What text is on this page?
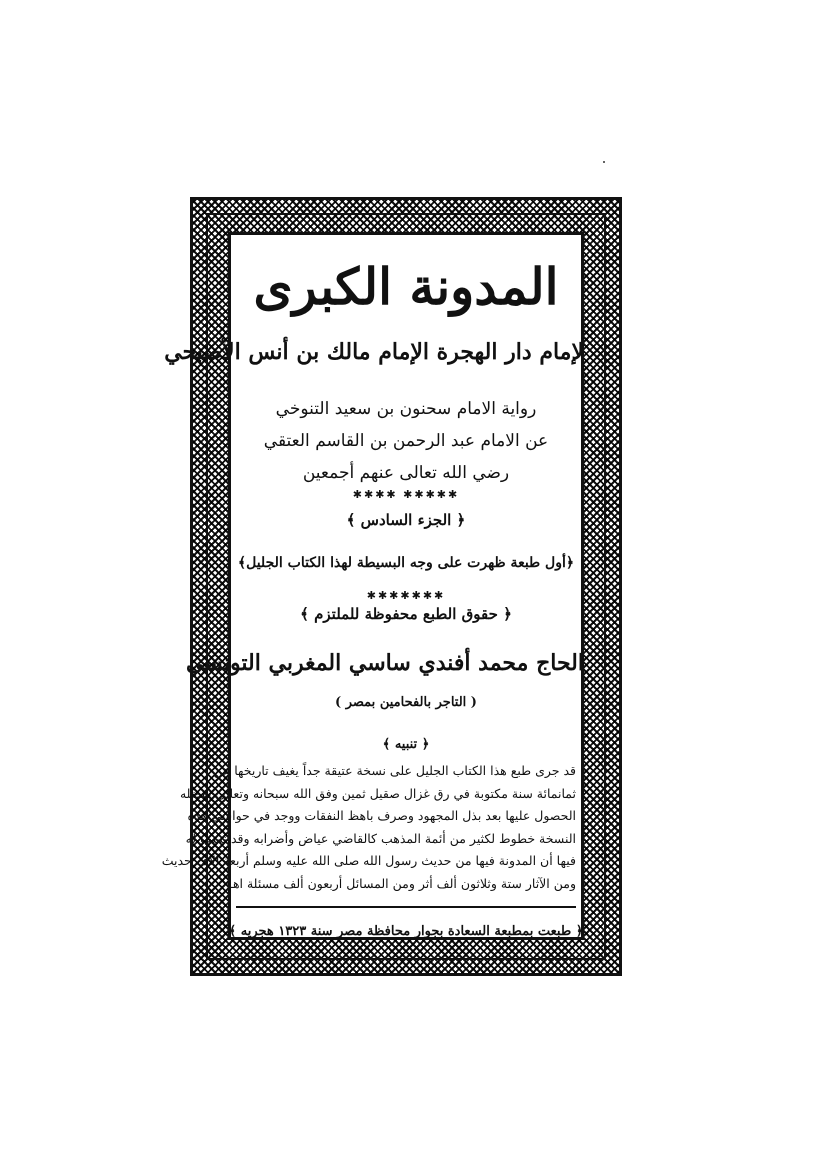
المدونة الكبرى
لإمام دار الهجرة الإمام مالك بن أنس الأصبحي
رواية الامام سحنون بن سعيد التنوخي
عن الامام عبد الرحمن بن القاسم العتقي
رضي الله تعالى عنهم أجمعين
✱✱✱✱✱ ✱✱✱✱
﴿ الجزء السادس ﴾
﴿أول طبعة ظهرت على وجه البسيطة لهذا الكتاب الجليل﴾
✱✱✱✱✱✱✱
﴿ حقوق الطبع محفوظة للملتزم ﴾
الحاج محمد أفندي ساسي المغربي التونسي
( التاجر بالفحامين بمصر )
﴿ تنبيه ﴾
قد جرى طبع هذا الكتاب الجليل على نسخة عتيقة جداً يغيف تاريخها عن
ثمانمائة سنة مكتوبة في رق غزال صقيل ثمين وفق الله سبحانه وتعالى بفضله
الحصول عليها بعد بذل المجهود وصرف باهظ النفقات ووجد في حواشي هذه
النسخة خطوط لكثير من أئمة المذهب كالقاضي عياض وأضرابه وقد نسب له
فيها أن المدونة فيها من حديث رسول الله صلى الله عليه وسلم أربعة آلاف حديث
ومن الآثار ستة وثلاثون ألف أثر ومن المسائل أربعون ألف مسئلة اهـ
﴿ طبعت بمطبعة السعادة بجوار محافظة مصر سنة ١٣٢٣ هجريه ﴾
